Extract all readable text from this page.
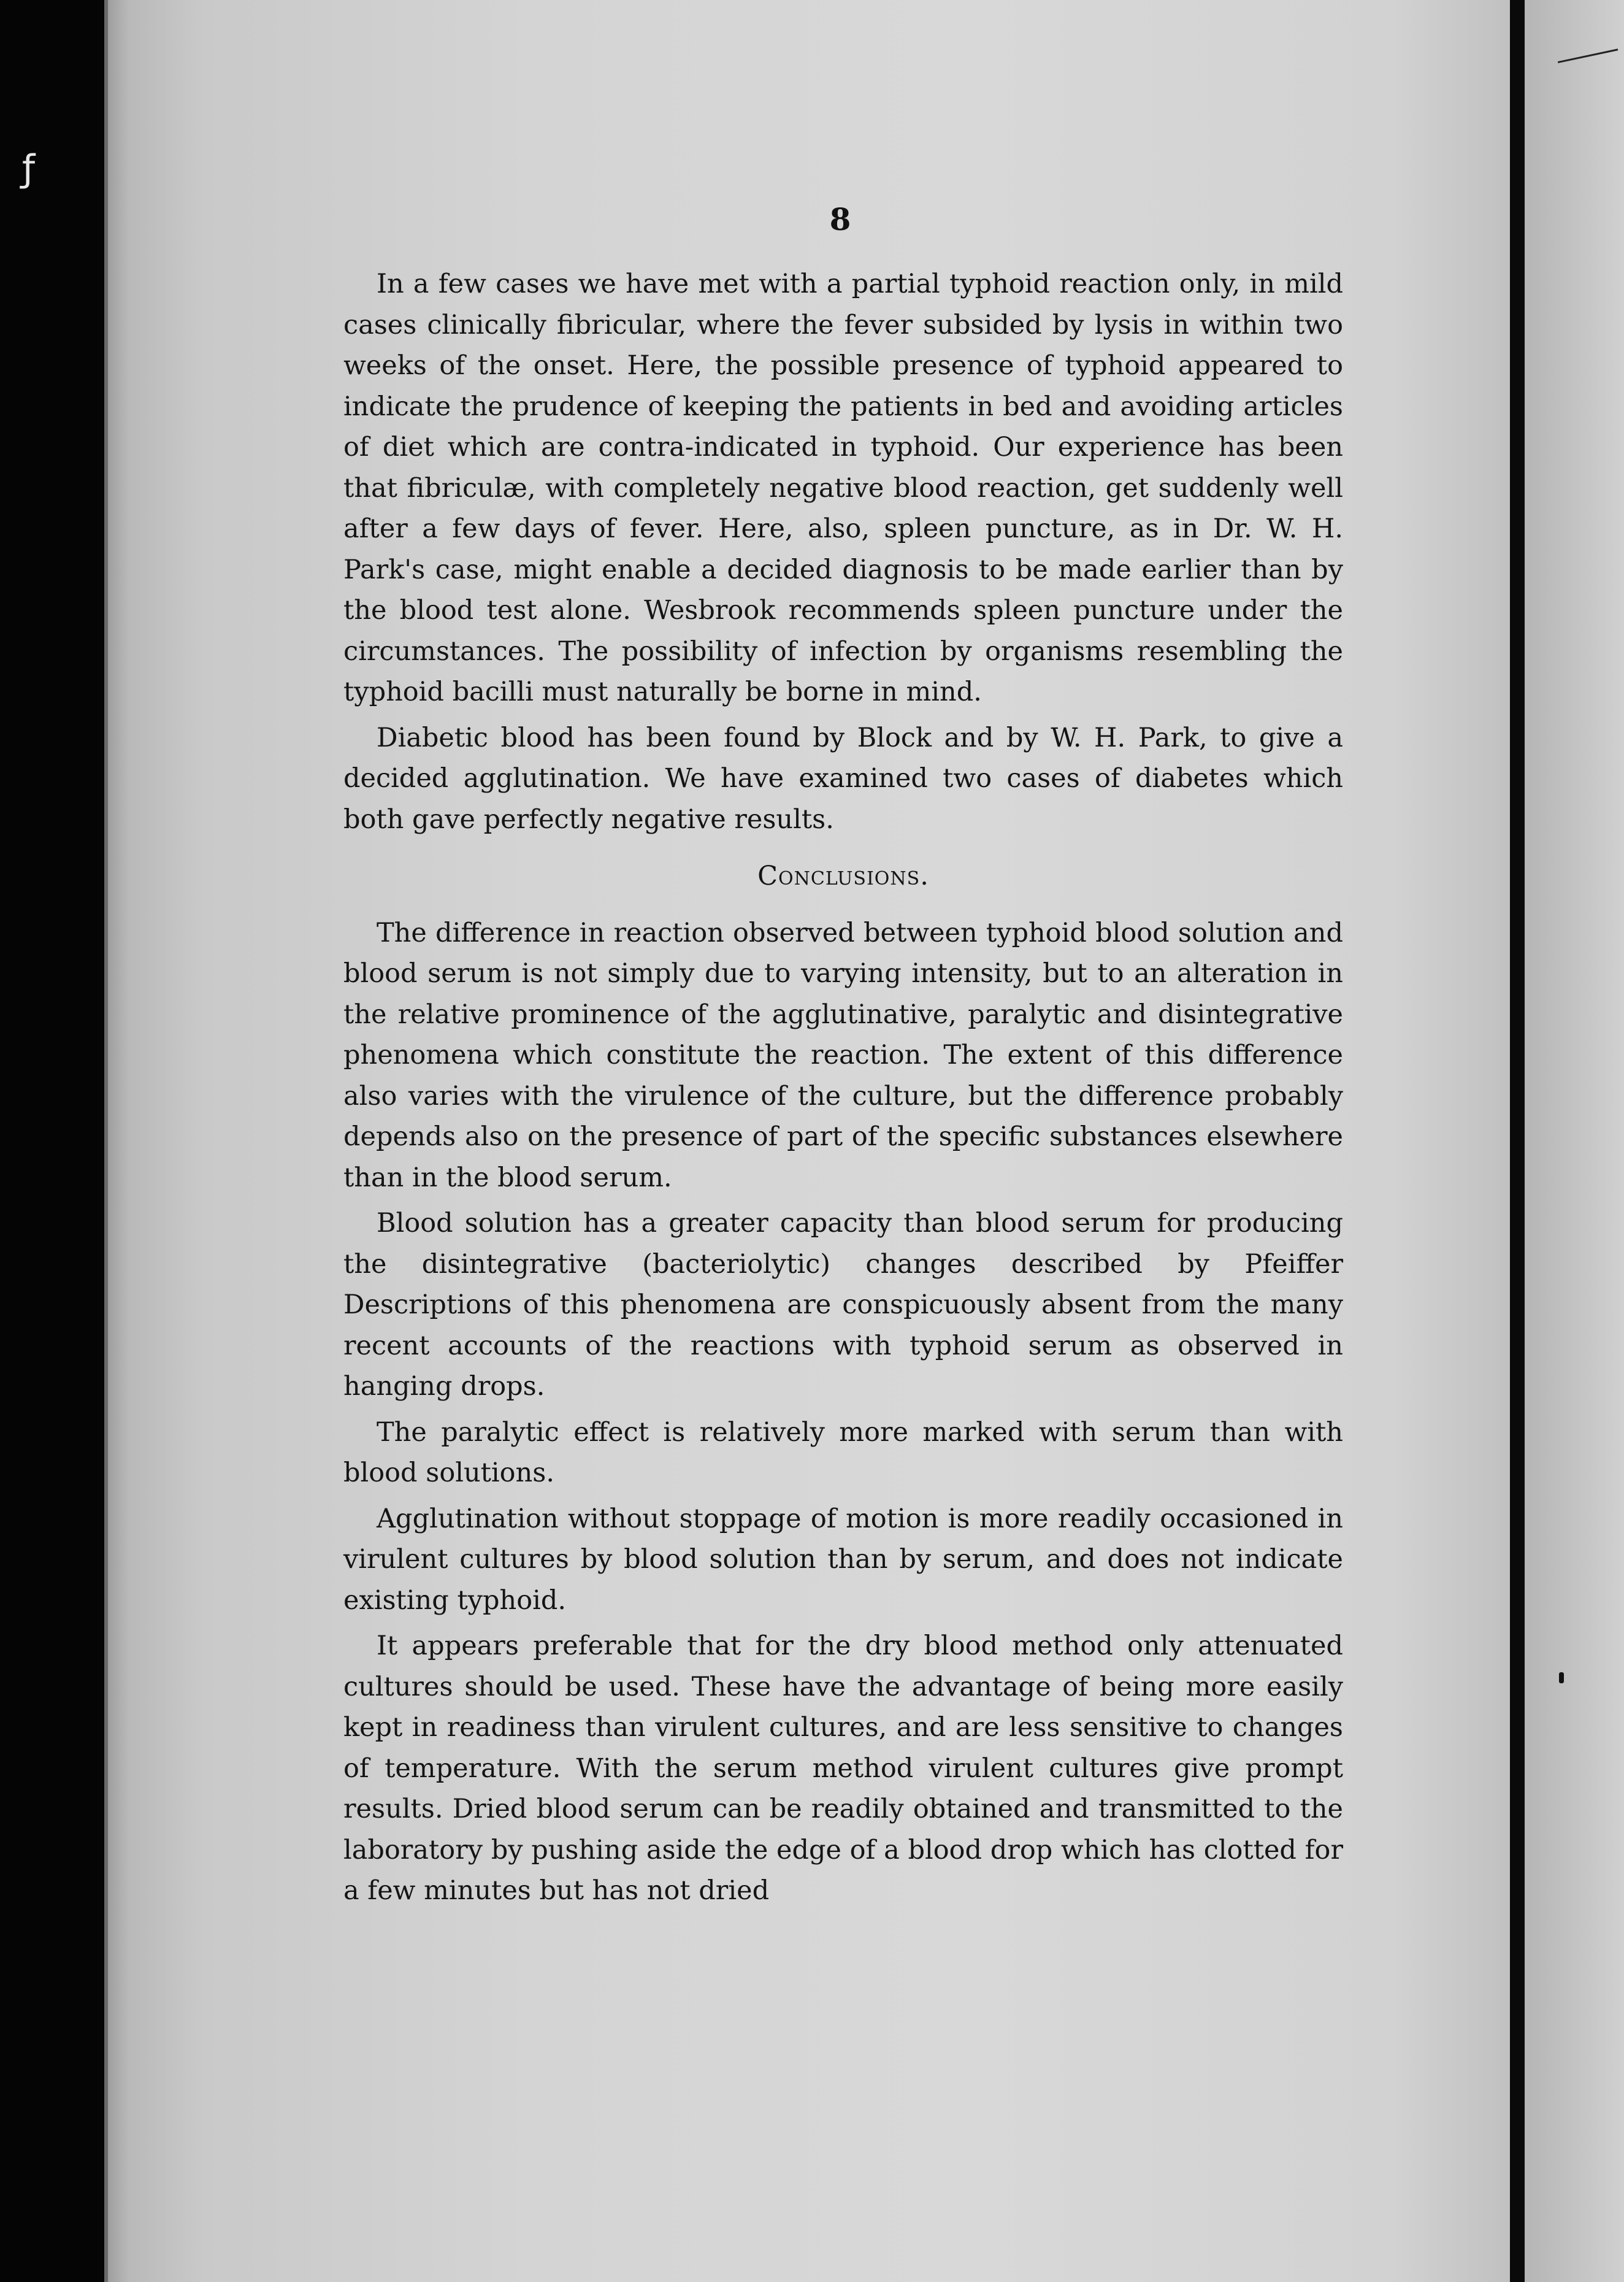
ƒ
8

In a few cases we have met with a partial typhoid reaction only, in mild cases clinically fibricular, where the fever subsided by lysis in within two weeks of the onset. Here, the possible presence of typhoid appeared to indicate the prudence of keeping the patients in bed and avoiding articles of diet which are contra-indicated in typhoid. Our experience has been that fibriculæ, with completely negative blood reaction, get suddenly well after a few days of fever. Here, also, spleen puncture, as in Dr. W. H. Park's case, might enable a decided diagnosis to be made earlier than by the blood test alone. Wesbrook recommends spleen puncture under the circumstances. The possibility of infection by organisms resembling the typhoid bacilli must naturally be borne in mind.

Diabetic blood has been found by Block and by W. H. Park, to give a decided agglutination. We have examined two cases of diabetes which both gave perfectly negative results.

Conclusions.

The difference in reaction observed between typhoid blood solution and blood serum is not simply due to varying intensity, but to an alteration in the relative prominence of the agglutinative, paralytic and disintegrative phenomena which constitute the reaction. The extent of this difference also varies with the virulence of the culture, but the difference probably depends also on the presence of part of the specific substances elsewhere than in the blood serum.

Blood solution has a greater capacity than blood serum for producing the disintegrative (bacteriolytic) changes described by Pfeiffer Descriptions of this phenomena are conspicuously absent from the many recent accounts of the reactions with typhoid serum as observed in hanging drops.

The paralytic effect is relatively more marked with serum than with blood solutions.

Agglutination without stoppage of motion is more readily occasioned in virulent cultures by blood solution than by serum, and does not indicate existing typhoid.

It appears preferable that for the dry blood method only attenuated cultures should be used. These have the advantage of being more easily kept in readiness than virulent cultures, and are less sensitive to changes of temperature. With the serum method virulent cultures give prompt results. Dried blood serum can be readily obtained and transmitted to the laboratory by pushing aside the edge of a blood drop which has clotted for a few minutes but has not dried
